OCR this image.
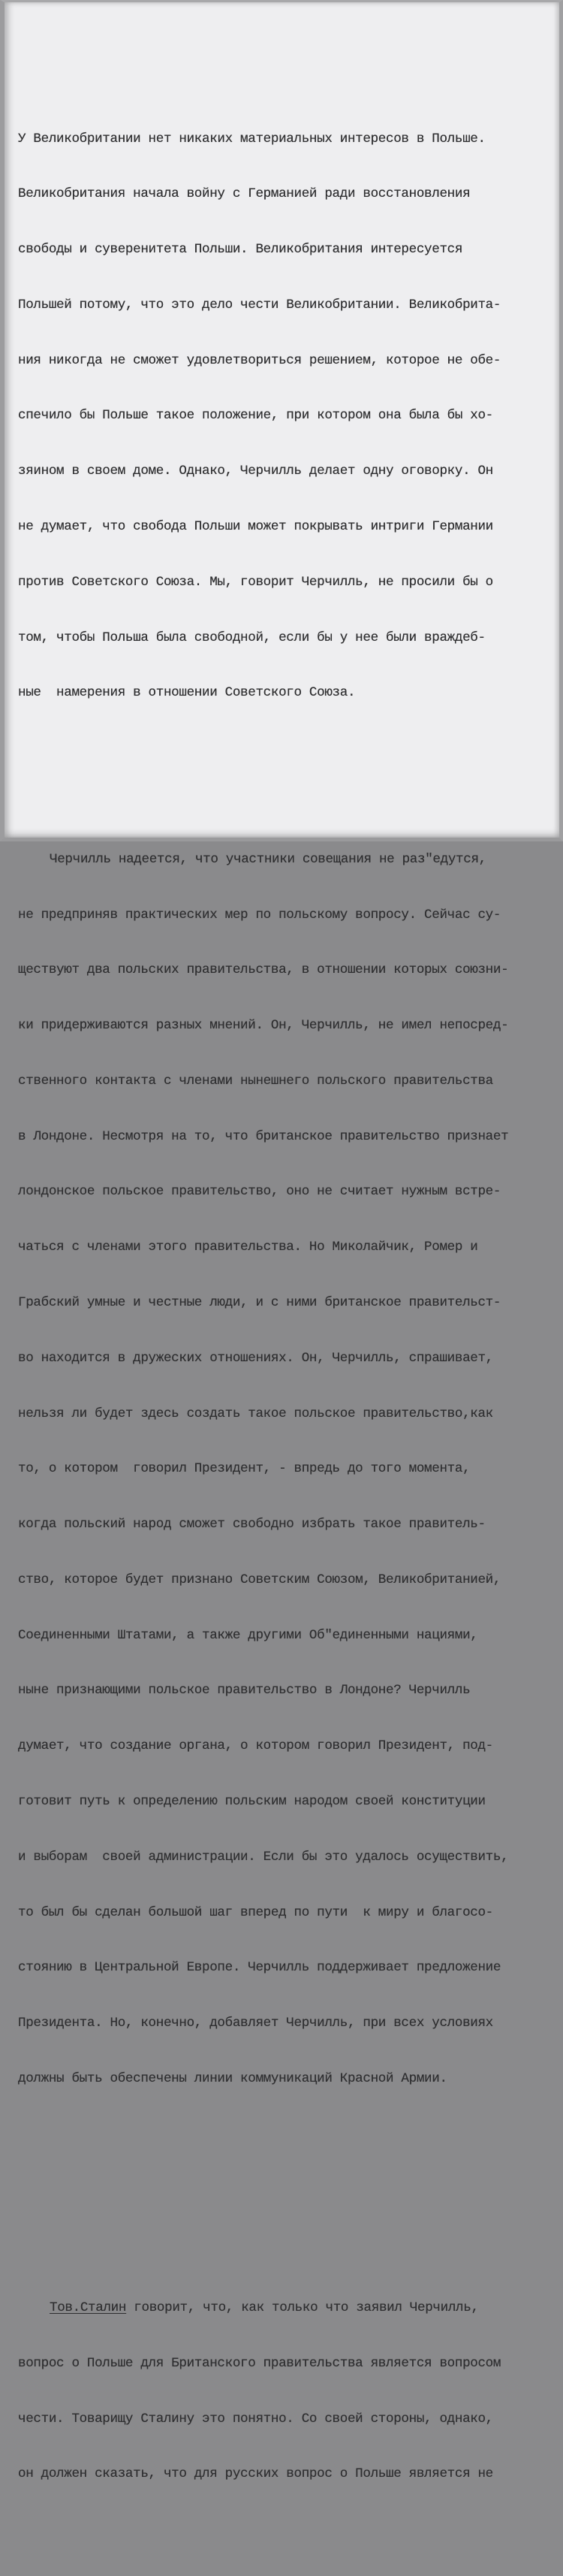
У Великобритании нет никаких материальных интересов в Польше.

Великобритания начала войну с Германией ради восстановления

свободы и суверенитета Польши. Великобритания интересуется

Польшей потому, что это дело чести Великобритании. Великобрита-

ния никогда не сможет удовлетвориться решением, которое не обе-

спечило бы Польше такое положение, при котором она была бы хо-

зяином в своем доме. Однако, Черчилль делает одну оговорку. Он

не думает, что свобода Польши может покрывать интриги Германии

против Советского Союза. Мы, говорит Черчилль, не просили бы о

том, чтобы Польша была свободной, если бы у нее были враждеб-

ные  намерения в отношении Советского Союза.

Черчилль надеется, что участники совещания не раз"едутся,

не предприняв практических мер по польскому вопросу. Сейчас су-

ществуют два польских правительства, в отношении которых союзни-

ки придерживаются разных мнений. Он, Черчилль, не имел непосред-

ственного контакта с членами нынешнего польского правительства

в Лондоне. Несмотря на то, что британское правительство признает

лондонское польское правительство, оно не считает нужным встре-

чаться с членами этого правительства. Но Миколайчик, Ромер и

Грабский умные и честные люди, и с ними британское правительст-

во находится в дружеских отношениях. Он, Черчилль, спрашивает,

нельзя ли будет здесь создать такое польское правительство,как

то, о котором  говорил Президент, - впредь до того момента,

когда польский народ сможет свободно избрать такое правитель-

ство, которое будет признано Советским Союзом, Великобританией,

Соединенными Штатами, а также другими Об"единенными нациями,

ныне признающими польское правительство в Лондоне? Черчилль

думает, что создание органа, о котором говорил Президент, под-

готовит путь к определению польским народом своей конституции

и выборам  своей администрации. Если бы это удалось осуществить,

то был бы сделан большой шаг вперед по пути  к миру и благосо-

стоянию в Центральной Европе. Черчилль поддерживает предложение

Президента. Но, конечно, добавляет Черчилль, при всех условиях

должны быть обеспечены линии коммуникаций Красной Армии.

Тов.Сталин говорит, что, как только что заявил Черчилль,

вопрос о Польше для Британского правительства является вопросом

чести. Товарищу Сталину это понятно. Со своей стороны, однако,

он должен сказать, что для русских вопрос о Польше является не
